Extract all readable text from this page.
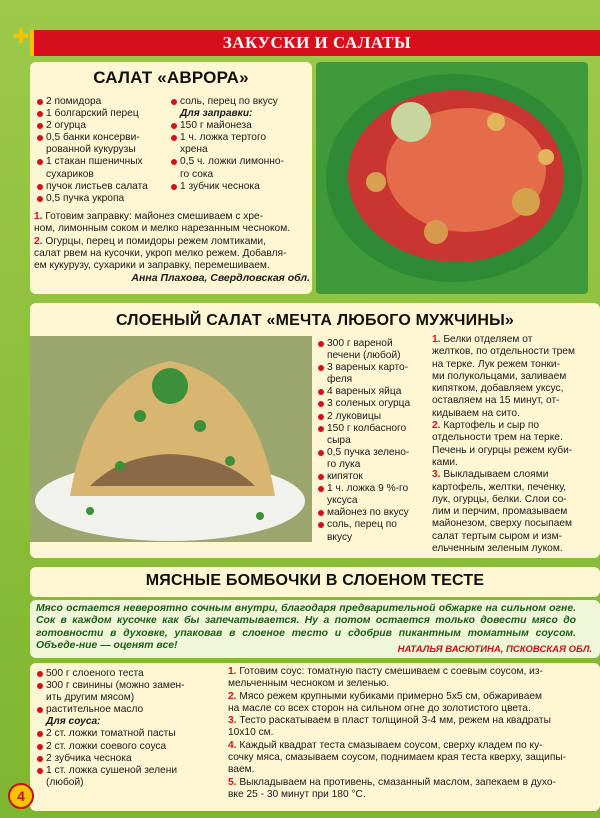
✚	ЗАКУСКИ И САЛАТЫ
САЛАТ «АВРОРА»
2 помидора
1 болгарский перец
2 огурца
0,5 банки консерви-
рованной кукурузы
1 стакан пшеничных
сухариков
пучок листьев салата
0,5 пучка укропа
соль, перец по вкусу
Для заправки:
150 г майонеза
1 ч. ложка тертого
хрена
0,5 ч. ложки лимонно-
го сока
1 зубчик чеснока

1. Готовим заправку: майонез смешиваем с хре-

ном, лимонным соком и мелко нарезанным чесноком.

2. Огурцы, перец и помидоры режем ломтиками,

салат рвем на кусочки, укроп мелко режем. Добавля-

ем кукурузу, сухарики и заправку, перемешиваем.

Анна Плахова, Свердловская обл.
СЛОЕНЫЙ САЛАТ «МЕЧТА ЛЮБОГО МУЖЧИНЫ»
300 г вареной
печени (любой)
3 вареных карто-
феля
4 вареных яйца
3 соленых огурца
2 луковицы
150 г колбасного
сыра
0,5 пучка зелено-
го лука
кипяток
1 ч. ложка 9 %-го
уксуса
майонез по вкусу
соль, перец по
вкусу

1. Белки отделяем от

желтков, по отдельности трем

на терке. Лук режем тонки-

ми полукольцами, заливаем

кипятком, добавляем уксус,

оставляем на 15 минут, от-

кидываем на сито.

2. Картофель и сыр по

отдельности трем на терке.

Печень и огурцы режем куби-

ками.

3. Выкладываем слоями

картофель, желтки, печенку,

лук, огурцы, белки. Слои со-

лим и перчим, промазываем

майонезом, сверху посыпаем

салат тертым сыром и изм-

ельченным зеленым луком.

МЯСНЫЕ БОМБОЧКИ В СЛОЕНОМ ТЕСТЕ
Мясо остается невероятно сочным внутри, благодаря предварительной обжарке на сильном огне. Сок в каждом кусочке как бы запечатывается. Ну а потом остается только довести мясо до готовности в духовке, упаковав в слоеное тесто и сдобрив пикантным томатным соусом. Объеде-ние — оценят все!	НАТАЛЬЯ ВАСЮТИНА, ПСКОВСКАЯ ОБЛ.
500 г слоеного теста
300 г свинины (можно замен-
ить другим мясом)
растительное масло
Для соуса:
2 ст. ложки томатной пасты
2 ст. ложки соевого соуса
2 зубчика чеснока
1 ст. ложка сушеной зелени
(любой)

1. Готовим соус: томатную пасту смешиваем с соевым соусом, из-

мельченным чесноком и зеленью.

2. Мясо режем крупными кубиками примерно 5х5 см, обжариваем

на масле со всех сторон на сильном огне до золотистого цвета.

3. Тесто раскатываем в пласт толщиной 3-4 мм, режем на квадраты

10х10 см.

4. Каждый квадрат теста смазываем соусом, сверху кладем по ку-

сочку мяса, смазываем соусом, поднимаем края теста кверху, защипы-

ваем.

5. Выкладываем на противень, смазанный маслом, запекаем в духо-

вке 25 - 30 минут при 180 °С.

4
